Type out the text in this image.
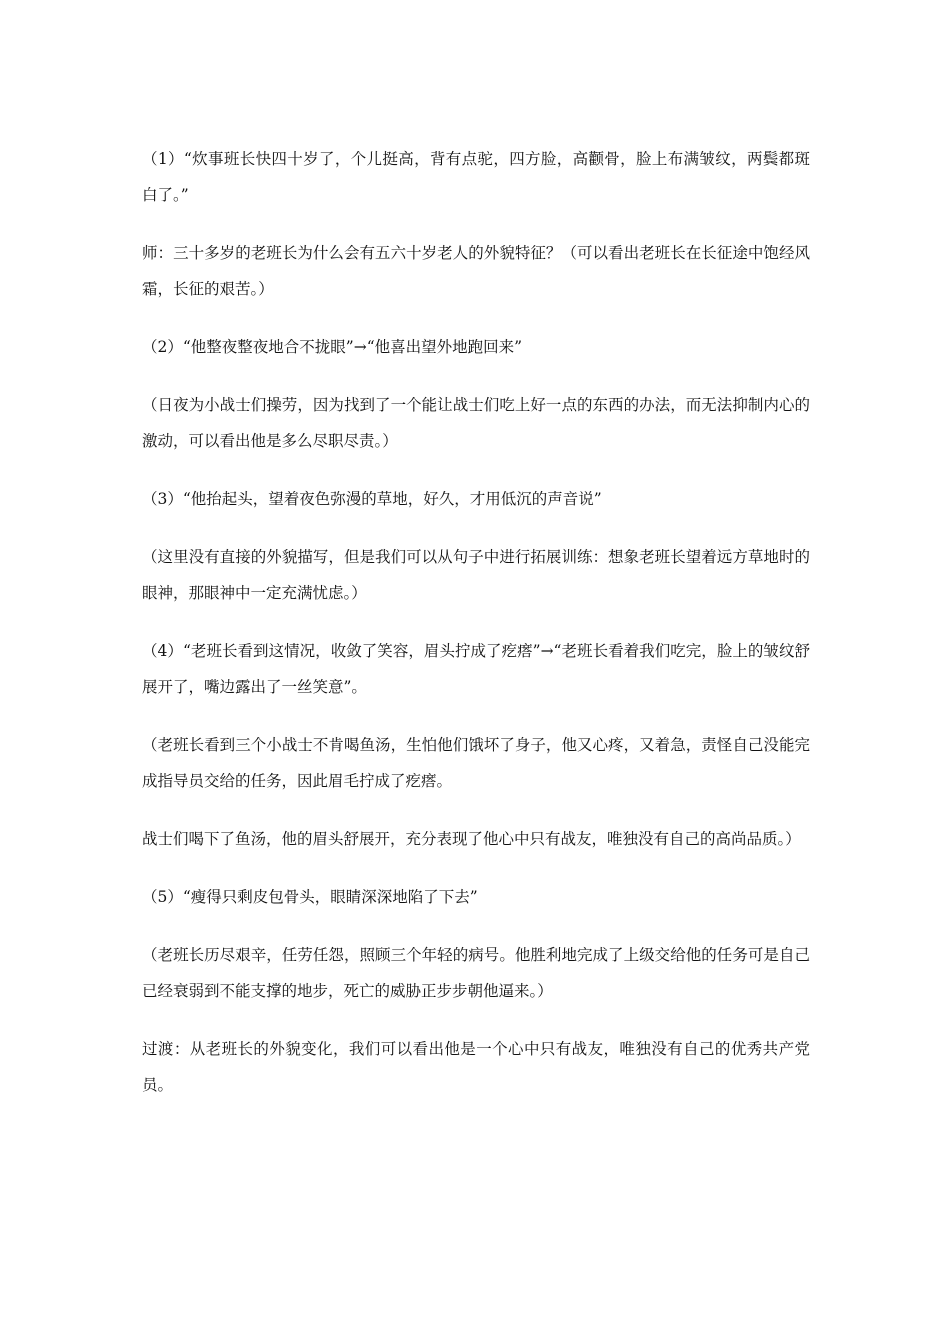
（1）“炊事班长快四十岁了，个儿挺高，背有点驼，四方脸，高颧骨，脸上布满皱纹，两鬓都斑白了。”

师：三十多岁的老班长为什么会有五六十岁老人的外貌特征？（可以看出老班长在长征途中饱经风霜，长征的艰苦。）

（2）“他整夜整夜地合不拢眼”→“他喜出望外地跑回来”

（日夜为小战士们操劳，因为找到了一个能让战士们吃上好一点的东西的办法，而无法抑制内心的激动，可以看出他是多么尽职尽责。）

（3）“他抬起头，望着夜色弥漫的草地，好久，才用低沉的声音说”

（这里没有直接的外貌描写，但是我们可以从句子中进行拓展训练：想象老班长望着远方草地时的眼神，那眼神中一定充满忧虑。）

（4）“老班长看到这情况，收敛了笑容，眉头拧成了疙瘩”→“老班长看着我们吃完，脸上的皱纹舒展开了，嘴边露出了一丝笑意”。

（老班长看到三个小战士不肯喝鱼汤，生怕他们饿坏了身子，他又心疼，又着急，责怪自己没能完成指导员交给的任务，因此眉毛拧成了疙瘩。

战士们喝下了鱼汤，他的眉头舒展开，充分表现了他心中只有战友，唯独没有自己的高尚品质。）

（5）“瘦得只剩皮包骨头，眼睛深深地陷了下去”

（老班长历尽艰辛，任劳任怨，照顾三个年轻的病号。他胜利地完成了上级交给他的任务可是自己已经衰弱到不能支撑的地步，死亡的威胁正步步朝他逼来。）

过渡：从老班长的外貌变化，我们可以看出他是一个心中只有战友，唯独没有自己的优秀共产党员。
